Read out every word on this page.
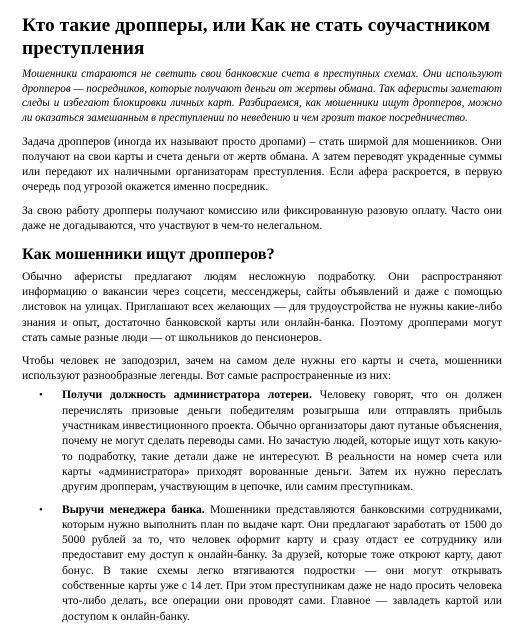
Кто такие дропперы, или Как не стать соучастником преступления

Мошенники стараются не светить свои банковские счета в преступных схемах. Они используют дропперов — посредников, которые получают деньги от жертвы обмана. Так аферисты заметают следы и избегают блокировки личных карт. Разбираемся, как мошенники ищут дропперов, можно ли оказаться замешанным в преступлении по неведению и чем грозит такое посредничество.

Задача дропперов (иногда их называют просто дропами) – стать ширмой для мошенников. Они получают на свои карты и счета деньги от жертв обмана. А затем переводят украденные суммы или передают их наличными организаторам преступления. Если афера раскроется, в первую очередь под угрозой окажется именно посредник.

За свою работу дропперы получают комиссию или фиксированную разовую оплату. Часто они даже не догадываются, что участвуют в чем-то нелегальном.

Как мошенники ищут дропперов?

Обычно аферисты предлагают людям несложную подработку. Они распространяют информацию о вакансии через соцсети, мессенджеры, сайты объявлений и даже с помощью листовок на улицах. Приглашают всех желающих — для трудоустройства не нужны какие-либо знания и опыт, достаточно банковской карты или онлайн-банка. Поэтому дропперами могут стать самые разные люди — от школьников до пенсионеров.

Чтобы человек не заподозрил, зачем на самом деле нужны его карты и счета, мошенники используют разнообразные легенды. Вот самые распространенные из них:

• Получи должность администратора лотереи. Человеку говорят, что он должен перечислять призовые деньги победителям розыгрыша или отправлять прибыль участникам инвестиционного проекта. Обычно организаторы дают путаные объяснения, почему не могут сделать переводы сами. Но зачастую людей, которые ищут хоть какую-то подработку, такие детали даже не интересуют. В реальности на номер счета или карты «администратора» приходят ворованные деньги. Затем их нужно переслать другим дропперам, участвующим в цепочке, или самим преступникам.
• Выручи менеджера банка. Мошенники представляются банковскими сотрудниками, которым нужно выполнить план по выдаче карт. Они предлагают заработать от 1500 до 5000 рублей за то, что человек оформит карту и сразу отдаст ее сотруднику или предоставит ему доступ к онлайн-банку. За друзей, которые тоже откроют карту, дают бонус. В такие схемы легко втягиваются подростки — они могут открывать собственные карты уже с 14 лет. При этом преступникам даже не надо просить человека что-либо делать, все операции они проводят сами. Главное — завладеть картой или доступом к онлайн-банку.
